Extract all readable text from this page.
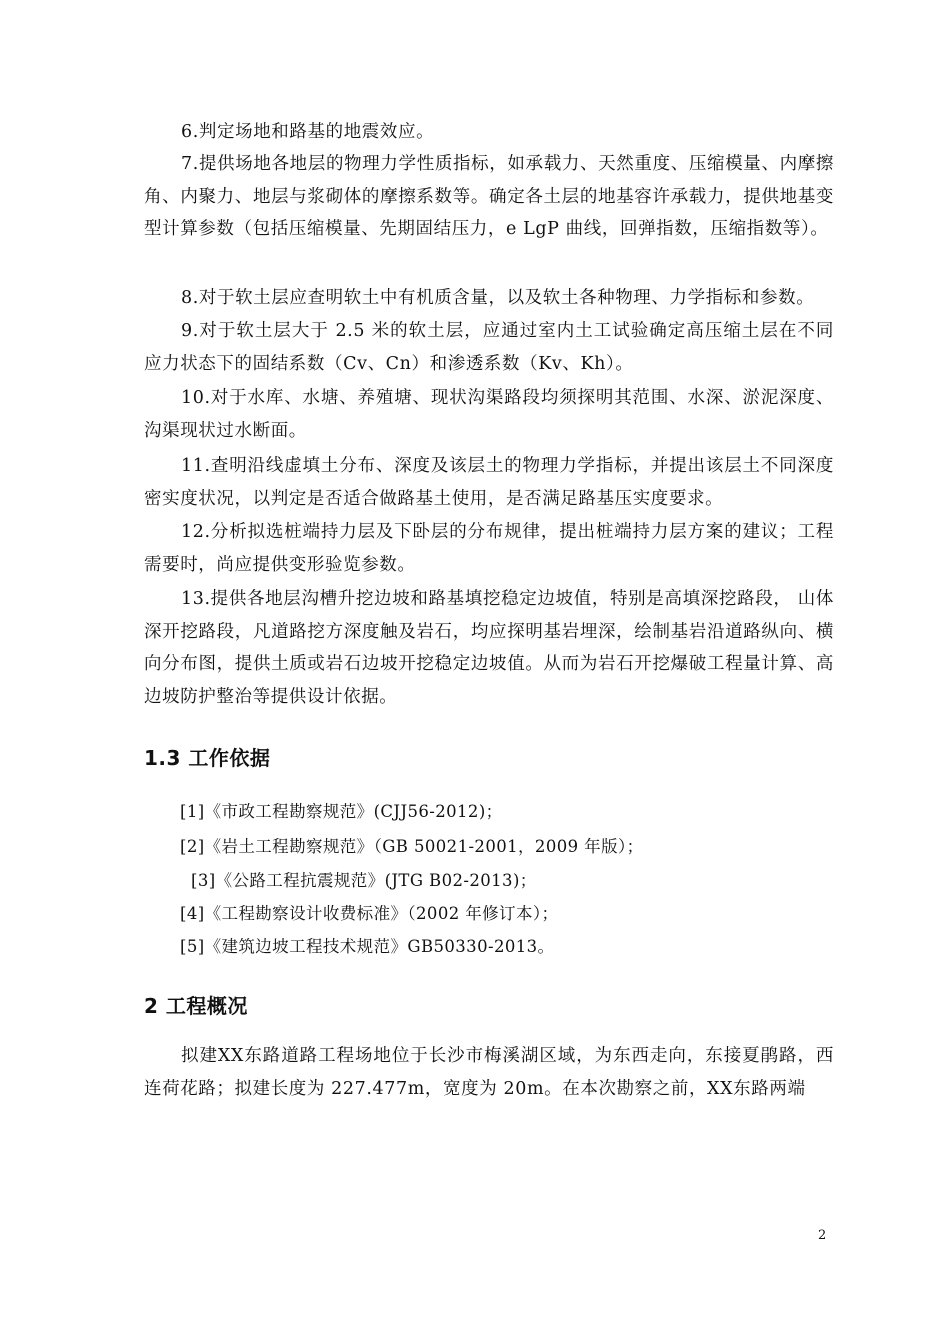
6.判定场地和路基的地震效应。

7.提供场地各地层的物理力学性质指标，如承载力、天然重度、压缩模量、内摩擦角、内聚力、地层与浆砌体的摩擦系数等。确定各土层的地基容许承载力，提供地基变型计算参数（包括压缩模量、先期固结压力，e LgP 曲线，回弹指数，压缩指数等）。

8.对于软土层应查明软土中有机质含量，以及软土各种物理、力学指标和参数。

9.对于软土层大于 2.5 米的软土层，应通过室内土工试验确定高压缩土层在不同应力状态下的固结系数（Cv、Cn）和渗透系数（Kv、Kh）。

10.对于水库、水塘、养殖塘、现状沟渠路段均须探明其范围、水深、淤泥深度、沟渠现状过水断面。

11.查明沿线虚填土分布、深度及该层土的物理力学指标，并提出该层土不同深度密实度状况，以判定是否适合做路基土使用，是否满足路基压实度要求。

12.分析拟选桩端持力层及下卧层的分布规律，提出桩端持力层方案的建议；工程需要时，尚应提供变形验览参数。

13.提供各地层沟槽升挖边坡和路基填挖稳定边坡值，特别是高填深挖路段， 山体深开挖路段，凡道路挖方深度触及岩石，均应探明基岩埋深，绘制基岩沿道路纵向、横向分布图，提供土质或岩石边坡开挖稳定边坡值。从而为岩石开挖爆破工程量计算、高边坡防护整治等提供设计依据。

1.3 工作依据

[1]《市政工程勘察规范》(CJJ56-2012)；

[2]《岩土工程勘察规范》（GB 50021-2001，2009 年版）；

[3]《公路工程抗震规范》(JTG B02-2013)；

[4]《工程勘察设计收费标准》（2002 年修订本）；

[5]《建筑边坡工程技术规范》GB50330-2013。

2 工程概况

拟建XX东路道路工程场地位于长沙市梅溪湖区域，为东西走向，东接夏鹃路，西连荷花路；拟建长度为 227.477m，宽度为 20m。在本次勘察之前，XX东路两端

2
